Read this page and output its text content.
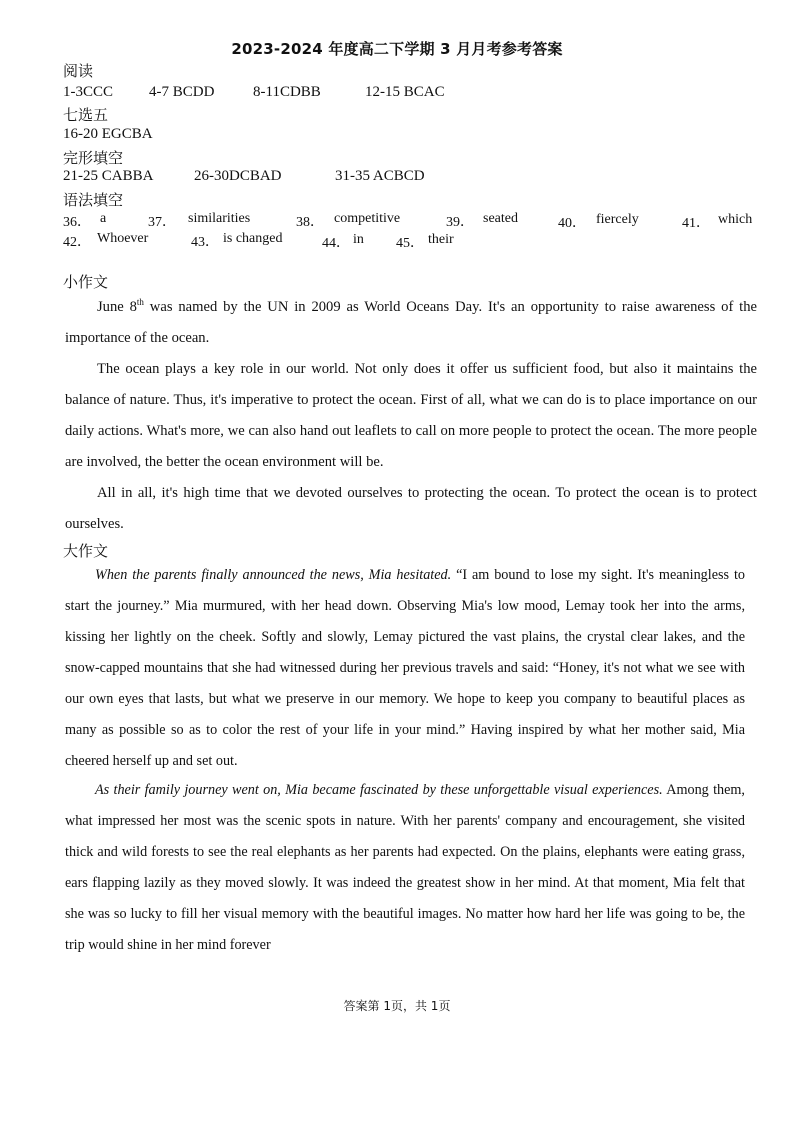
2023-2024 年度高二下学期 3 月月考参考答案
阅读
1-3CCC 4-7 BCDD	8-11CDBB	12-15 BCAC
七选五
16-20 EGCBA
完形填空
21-25 CABBA	26-30DCBAD	31-35 ACBCD
语法填空
36． a	37． similarities	38． competitive	39． seated	40． fiercely	41． which
42． Whoever	43． is changed	44． in 45． their
小作文

June 8th was named by the UN in 2009 as World Oceans Day. It's an opportunity to raise awareness of the importance of the ocean.

The ocean plays a key role in our world. Not only does it offer us sufficient food, but also it maintains the balance of nature. Thus, it's imperative to protect the ocean. First of all, what we can do is to place importance on our daily actions. What's more, we can also hand out leaflets to call on more people to protect the ocean. The more people are involved, the better the ocean environment will be.

All in all, it's high time that we devoted ourselves to protecting the ocean. To protect the ocean is to protect ourselves.

大作文

When the parents finally announced the news, Mia hesitated. “I am bound to lose my sight. It's meaningless to start the journey.” Mia murmured, with her head down. Observing Mia's low mood, Lemay took her into the arms, kissing her lightly on the cheek. Softly and slowly, Lemay pictured the vast plains, the crystal clear lakes, and the snow-capped mountains that she had witnessed during her previous travels and said: “Honey, it's not what we see with our own eyes that lasts, but what we preserve in our memory. We hope to keep you company to beautiful places as many as possible so as to color the rest of your life in your mind.” Having inspired by what her mother said, Mia cheered herself up and set out.

As their family journey went on, Mia became fascinated by these unforgettable visual experiences. Among them, what impressed her most was the scenic spots in nature. With her parents' company and encouragement, she visited thick and wild forests to see the real elephants as her parents had expected. On the plains, elephants were eating grass, ears flapping lazily as they moved slowly. It was indeed the greatest show in her mind. At that moment, Mia felt that she was so lucky to fill her visual memory with the beautiful images. No matter how hard her life was going to be, the trip would shine in her mind forever

答案第 1页，共 1页
